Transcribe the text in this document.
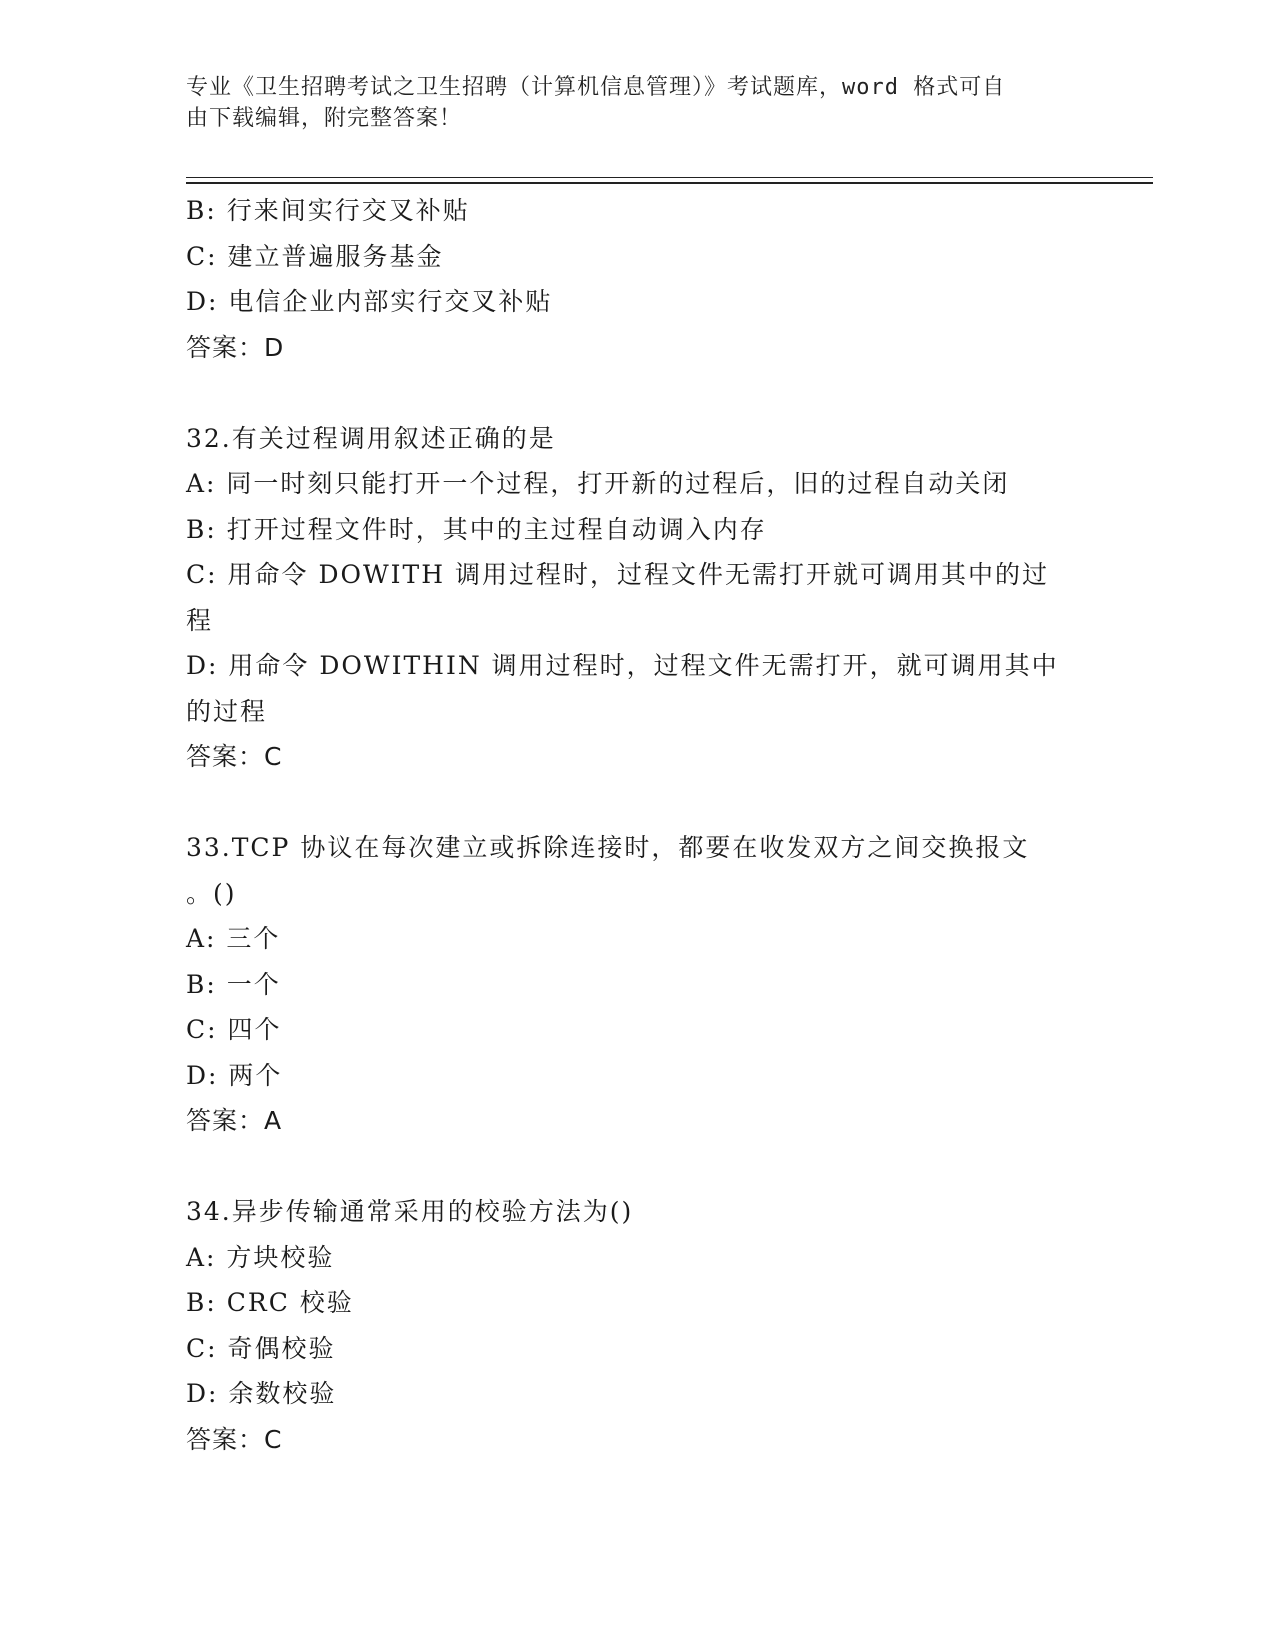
专业《卫生招聘考试之卫生招聘（计算机信息管理）》考试题库，word 格式可自
由下载编辑，附完整答案！
B: 行来间实行交叉补贴
C: 建立普遍服务基金
D: 电信企业内部实行交叉补贴
答案：D
32.有关过程调用叙述正确的是
A: 同一时刻只能打开一个过程，打开新的过程后，旧的过程自动关闭
B: 打开过程文件时，其中的主过程自动调入内存
C: 用命令 DOWITH 调用过程时，过程文件无需打开就可调用其中的过
程
D: 用命令 DOWITHIN 调用过程时，过程文件无需打开，就可调用其中
的过程
答案：C
33.TCP 协议在每次建立或拆除连接时，都要在收发双方之间交换报文
。()
A: 三个
B: 一个
C: 四个
D: 两个
答案：A
34.异步传输通常采用的校验方法为()
A: 方块校验
B: CRC 校验
C: 奇偶校验
D: 余数校验
答案：C
